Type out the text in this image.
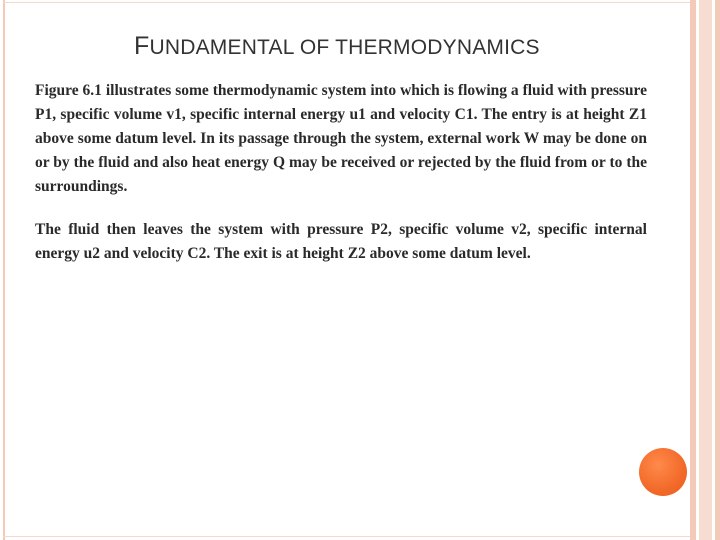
FUNDAMENTAL OF THERMODYNAMICS
Figure 6.1 illustrates some thermodynamic system into which is flowing a fluid with pressure P1, specific volume v1, specific internal energy u1 and velocity C1. The entry is at height Z1 above some datum level. In its passage through the system, external work W may be done on or by the fluid and also heat energy Q may be received or rejected by the fluid from or to the surroundings.
The fluid then leaves the system with pressure P2, specific volume v2, specific internal energy u2 and velocity C2. The exit is at height Z2 above some datum level.
